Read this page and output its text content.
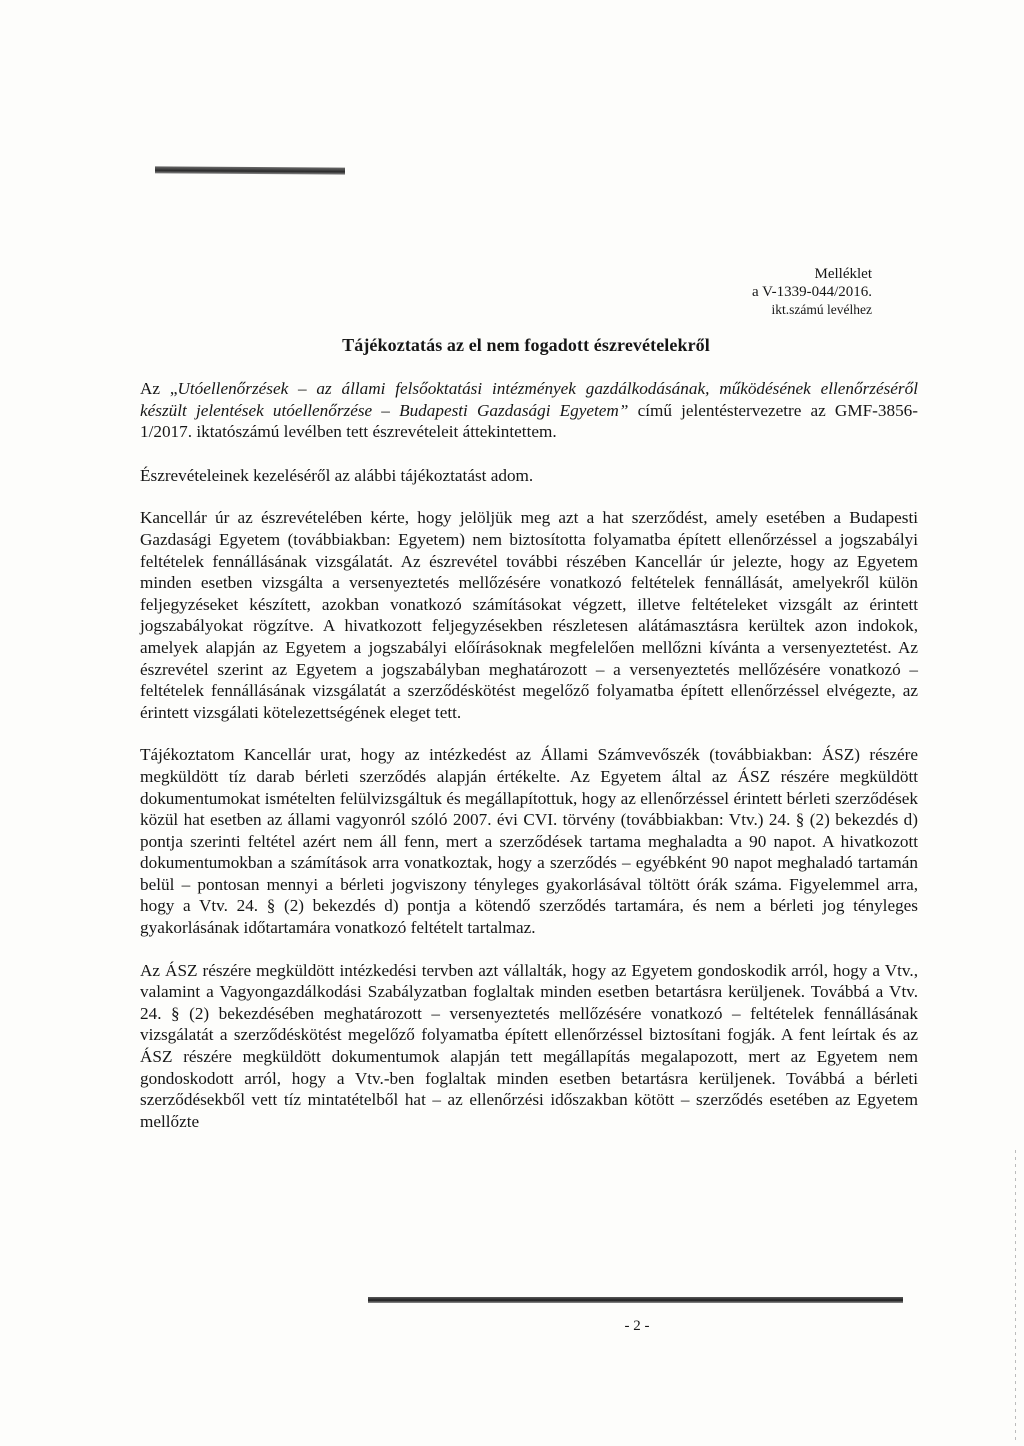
Melléklet
a V-1339-044/2016.
ikt.számú levélhez
Tájékoztatás az el nem fogadott észrevételekről

Az „Utóellenőrzések – az állami felsőoktatási intézmények gazdálkodásának, működésének ellenőrzéséről készült jelentések utóellenőrzése – Budapesti Gazdasági Egyetem” című jelentéstervezetre az GMF-3856-1/2017. iktatószámú levélben tett észrevételeit áttekintettem.

Észrevételeinek kezeléséről az alábbi tájékoztatást adom.

Kancellár úr az észrevételében kérte, hogy jelöljük meg azt a hat szerződést, amely esetében a Budapesti Gazdasági Egyetem (továbbiakban: Egyetem) nem biztosította folyamatba épített ellenőrzéssel a jogszabályi feltételek fennállásának vizsgálatát. Az észrevétel további részében Kancellár úr jelezte, hogy az Egyetem minden esetben vizsgálta a versenyeztetés mellőzésére vonatkozó feltételek fennállását, amelyekről külön feljegyzéseket készített, azokban vonatkozó számításokat végzett, illetve feltételeket vizsgált az érintett jogszabályokat rögzítve. A hivatkozott feljegyzésekben részletesen alátámasztásra kerültek azon indokok, amelyek alapján az Egyetem a jogszabályi előírásoknak megfelelően mellőzni kívánta a versenyeztetést. Az észrevétel szerint az Egyetem a jogszabályban meghatározott – a versenyeztetés mellőzésére vonatkozó – feltételek fennállásának vizsgálatát a szerződéskötést megelőző folyamatba épített ellenőrzéssel elvégezte, az érintett vizsgálati kötelezettségének eleget tett.

Tájékoztatom Kancellár urat, hogy az intézkedést az Állami Számvevőszék (továbbiakban: ÁSZ) részére megküldött tíz darab bérleti szerződés alapján értékelte. Az Egyetem által az ÁSZ részére megküldött dokumentumokat ismételten felülvizsgáltuk és megállapítottuk, hogy az ellenőrzéssel érintett bérleti szerződések közül hat esetben az állami vagyonról szóló 2007. évi CVI. törvény (továbbiakban: Vtv.) 24. § (2) bekezdés d) pontja szerinti feltétel azért nem áll fenn, mert a szerződések tartama meghaladta a 90 napot. A hivatkozott dokumentumokban a számítások arra vonatkoztak, hogy a szerződés – egyébként 90 napot meghaladó tartamán belül – pontosan mennyi a bérleti jogviszony tényleges gyakorlásával töltött órák száma. Figyelemmel arra, hogy a Vtv. 24. § (2) bekezdés d) pontja a kötendő szerződés tartamára, és nem a bérleti jog tényleges gyakorlásának időtartamára vonatkozó feltételt tartalmaz.

Az ÁSZ részére megküldött intézkedési tervben azt vállalták, hogy az Egyetem gondoskodik arról, hogy a Vtv., valamint a Vagyongazdálkodási Szabályzatban foglaltak minden esetben betartásra kerüljenek. Továbbá a Vtv. 24. § (2) bekezdésében meghatározott – versenyeztetés mellőzésére vonatkozó – feltételek fennállásának vizsgálatát a szerződéskötést megelőző folyamatba épített ellenőrzéssel biztosítani fogják. A fent leírtak és az ÁSZ részére megküldött dokumentumok alapján tett megállapítás megalapozott, mert az Egyetem nem gondoskodott arról, hogy a Vtv.-ben foglaltak minden esetben betartásra kerüljenek. Továbbá a bérleti szerződésekből vett tíz mintatételből hat – az ellenőrzési időszakban kötött – szerződés esetében az Egyetem mellőzte

- 2 -
